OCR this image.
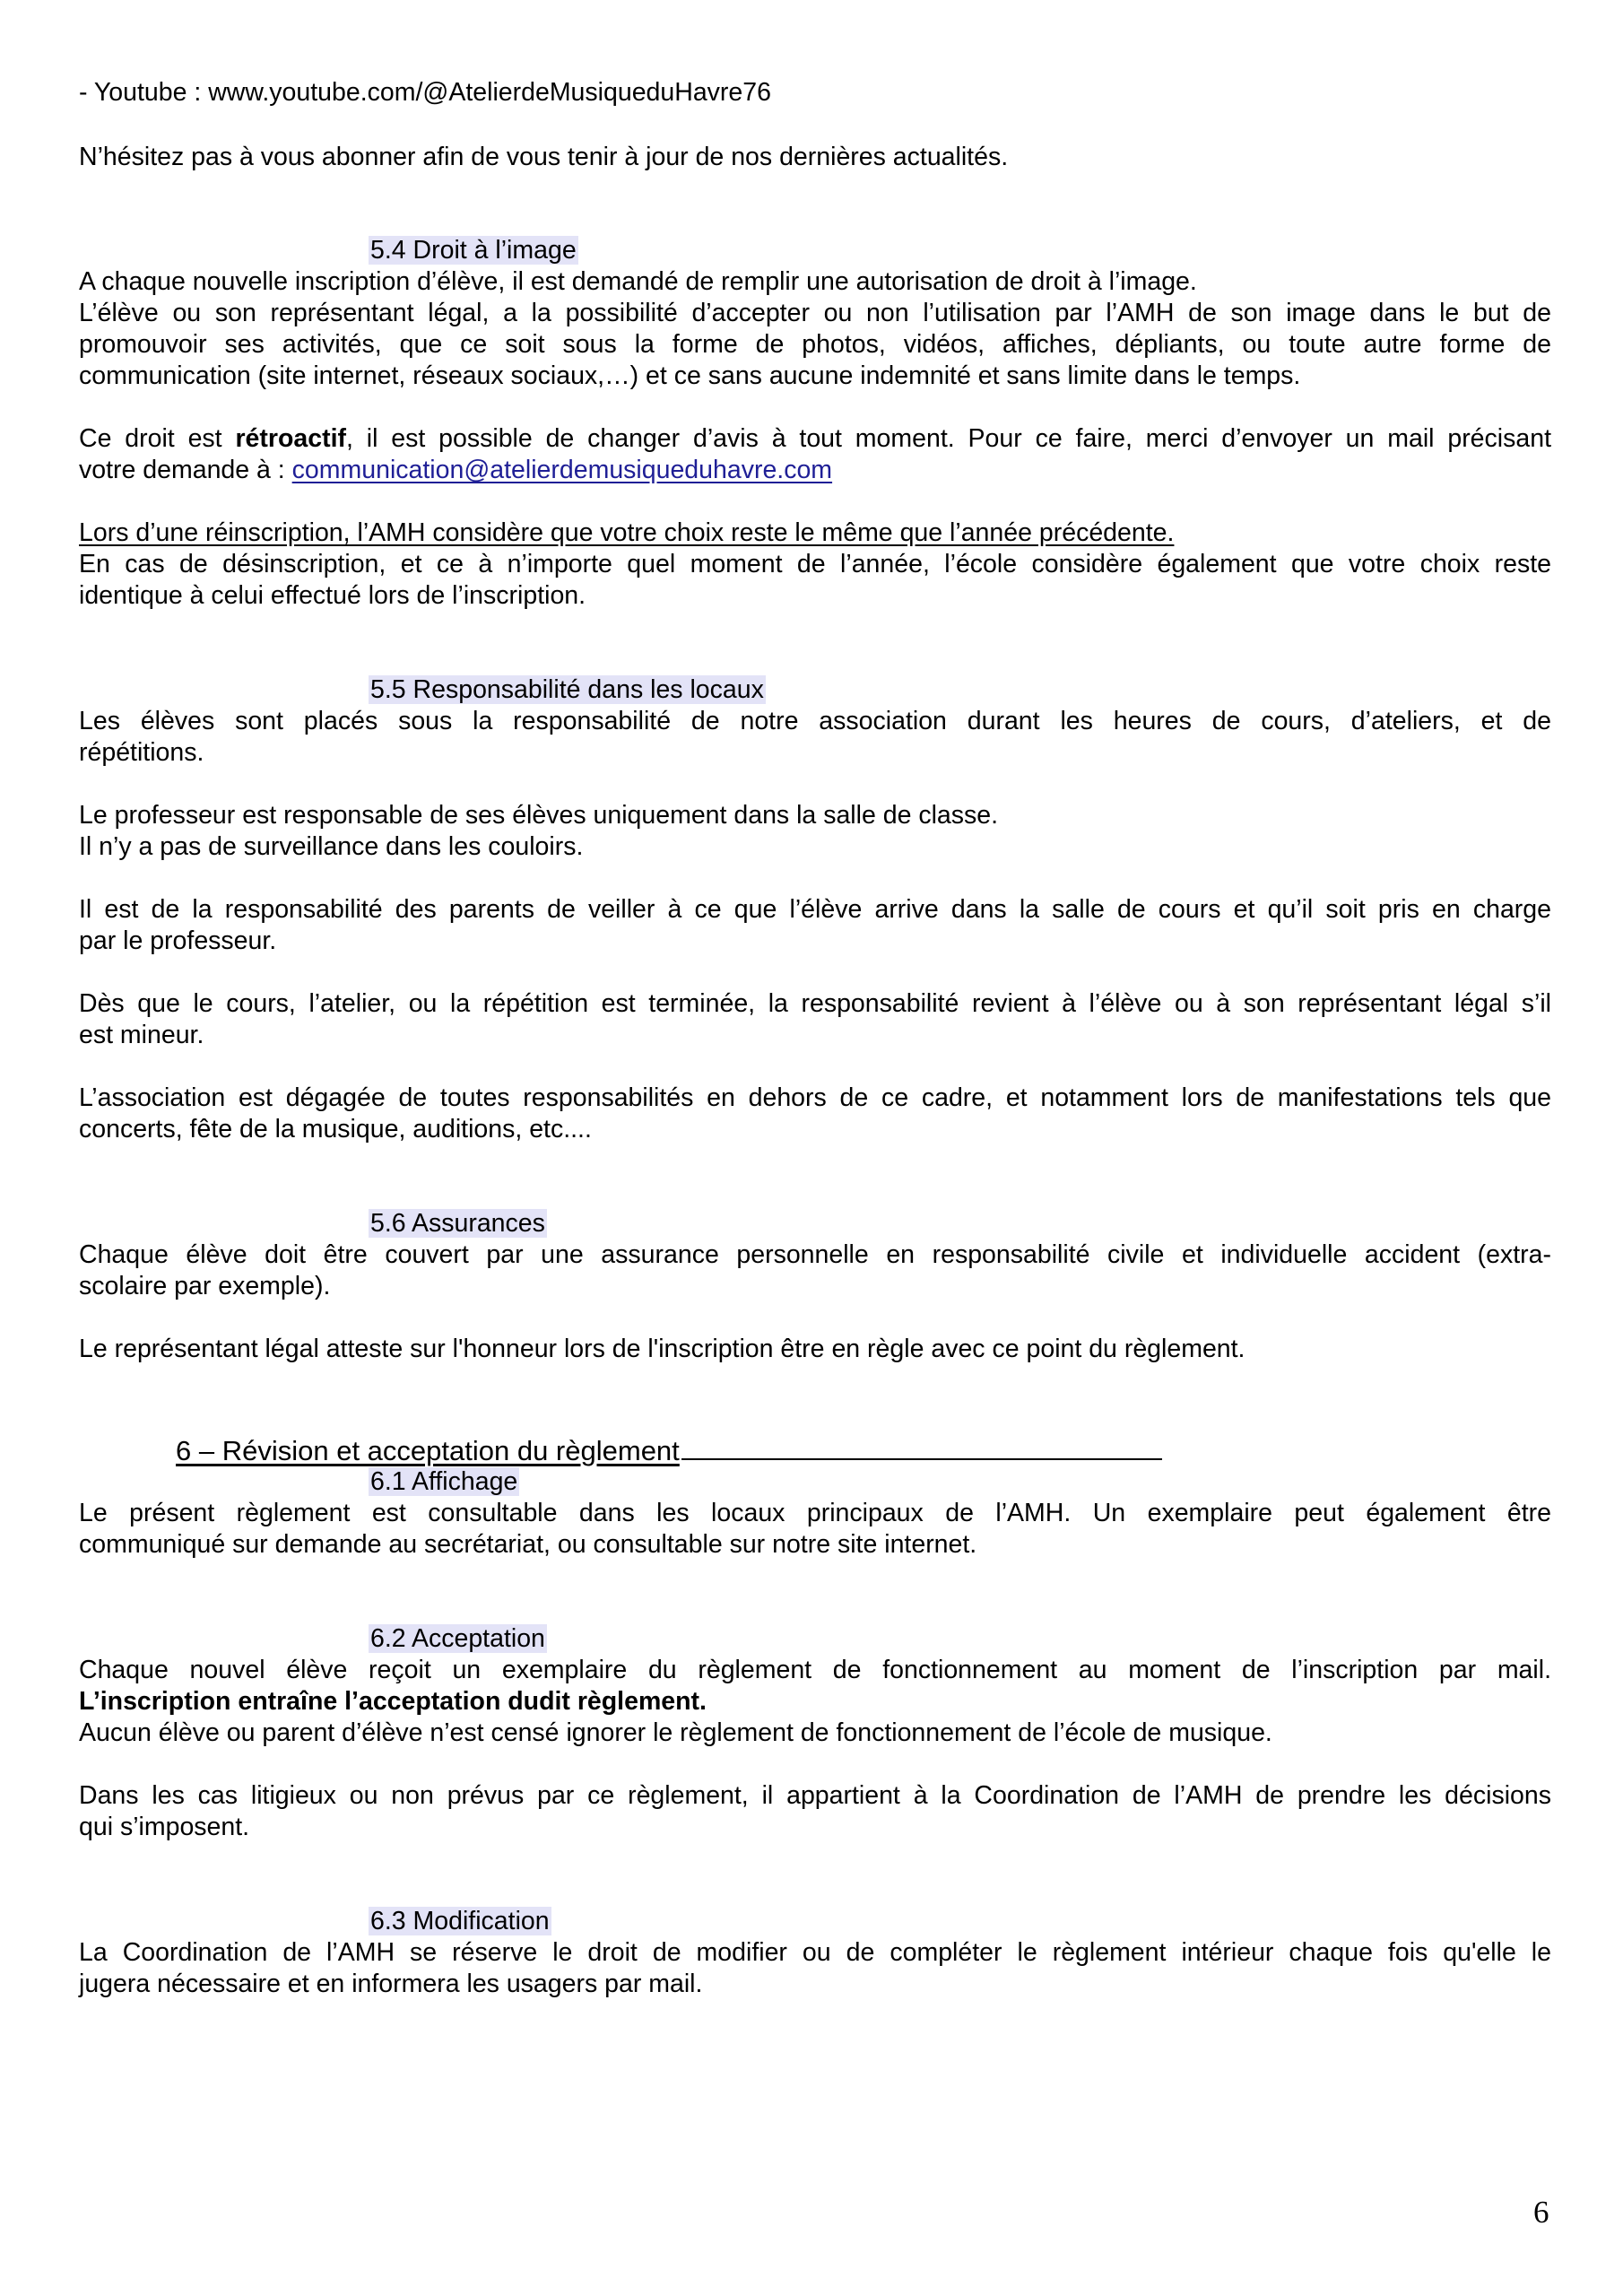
- Youtube : www.youtube.com/@AtelierdeMusiqueduHavre76

N’hésitez pas à vous abonner afin de vous tenir à jour de nos dernières actualités.

5.4 Droit à l’image

A chaque nouvelle inscription d’élève, il est demandé de remplir une autorisation de droit à l’image.

L’élève ou son représentant légal, a la possibilité d’accepter ou non l’utilisation par l’AMH de son image dans le but de

promouvoir ses activités, que ce soit sous la forme de photos, vidéos, affiches, dépliants, ou toute autre forme de

communication (site internet, réseaux sociaux,…) et ce sans aucune indemnité et sans limite dans le temps.

Ce droit est rétroactif, il est possible de changer d’avis à tout moment. Pour ce faire, merci d’envoyer un mail précisant

votre demande à : communication@atelierdemusiqueduhavre.com

Lors d’une réinscription, l’AMH considère que votre choix reste le même que l’année précédente.

En cas de désinscription, et ce à n’importe quel moment de l’année, l’école considère également que votre choix reste

identique à celui effectué lors de l’inscription.

5.5 Responsabilité dans les locaux

Les élèves sont placés sous la responsabilité de notre association durant les heures de cours, d’ateliers, et de

répétitions.

Le professeur est responsable de ses élèves uniquement dans la salle de classe.

Il n’y a pas de surveillance dans les couloirs.

Il est de la responsabilité des parents de veiller à ce que l’élève arrive dans la salle de cours et qu’il soit pris en charge

par le professeur.

Dès que le cours, l’atelier, ou la répétition est terminée, la responsabilité revient à l’élève ou à son représentant légal s’il

est mineur.

L’association est dégagée de toutes responsabilités en dehors de ce cadre, et notamment lors de manifestations tels que

concerts, fête de la musique, auditions, etc....

5.6 Assurances

Chaque élève doit être couvert par une assurance personnelle en responsabilité civile et individuelle accident (extra-

scolaire par exemple).

Le représentant légal atteste sur l'honneur lors de l'inscription être en règle avec ce point du règlement.

6 – Révision et acceptation du règlement

6.1 Affichage

Le présent règlement est consultable dans les locaux principaux de l’AMH. Un exemplaire peut également être

communiqué sur demande au secrétariat, ou consultable sur notre site internet.

6.2 Acceptation

Chaque nouvel élève reçoit un exemplaire du règlement de fonctionnement au moment de l’inscription par mail.

L’inscription entraîne l’acceptation dudit règlement.

Aucun élève ou parent d’élève n’est censé ignorer le règlement de fonctionnement de l’école de musique.

Dans les cas litigieux ou non prévus par ce règlement, il appartient à la Coordination de l’AMH de prendre les décisions

qui s’imposent.

6.3 Modification

La Coordination de l’AMH se réserve le droit de modifier ou de compléter le règlement intérieur chaque fois qu'elle le

jugera nécessaire et en informera les usagers par mail.

6
